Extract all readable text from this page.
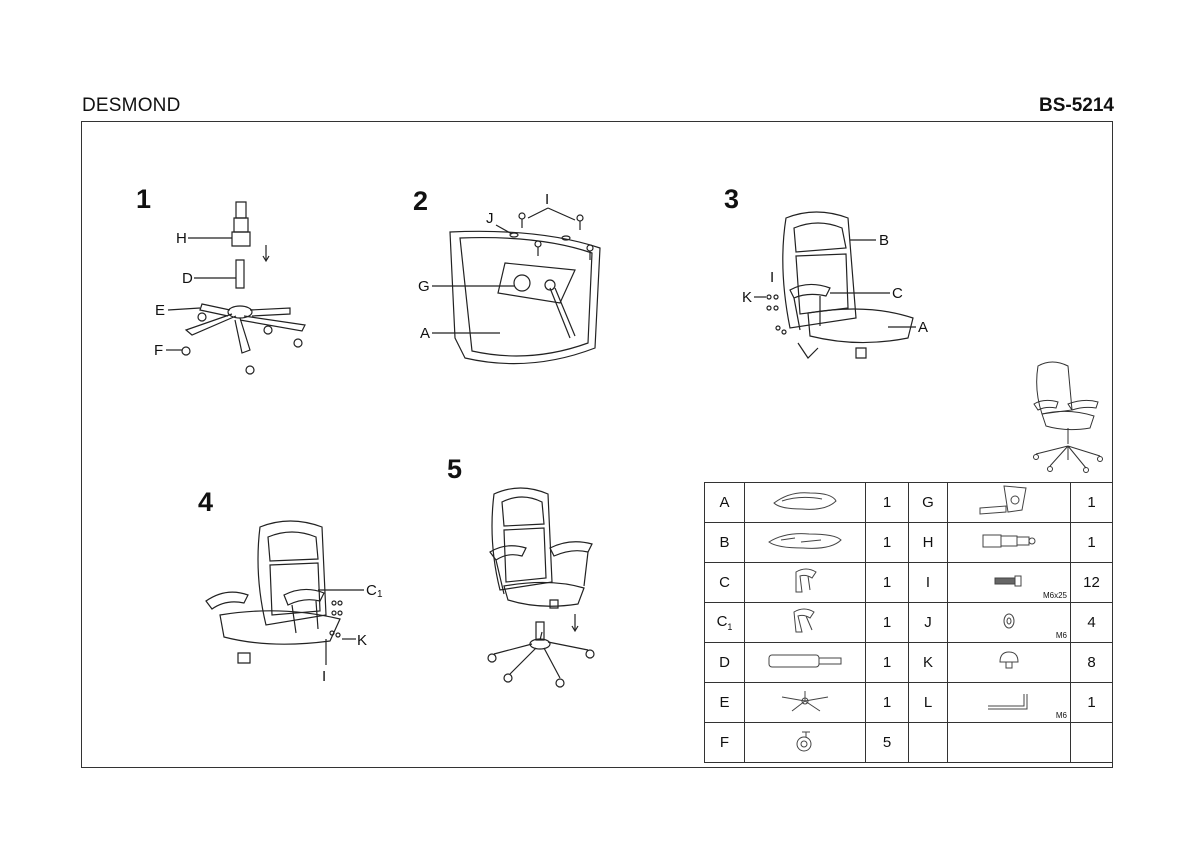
DESMOND	BS-5214
1
H
D
E
F
2	I
J
G
A
3
B
I
K	C
A
4
C 1
K
I
5
A		1	G		1
B		1	H		1
C		1	I	M6x25	12
$C_1$		1	J	M6	4
D		1	K		8
E		1	L	M6	1
F		5			
